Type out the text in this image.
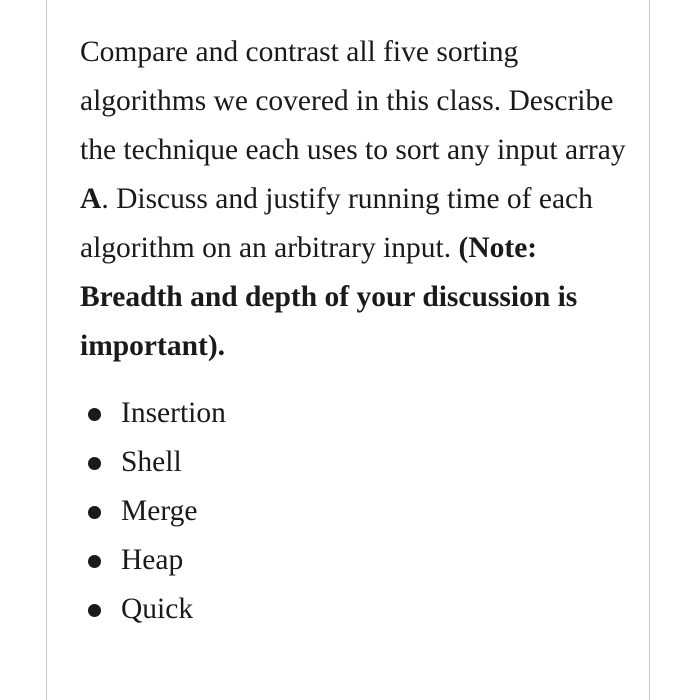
Compare and contrast all five sorting algorithms we covered in this class. Describe the technique each uses to sort any input array A. Discuss and justify running time of each algorithm on an arbitrary input. (Note: Breadth and depth of your discussion is important).

Insertion
Shell
Merge
Heap
Quick
